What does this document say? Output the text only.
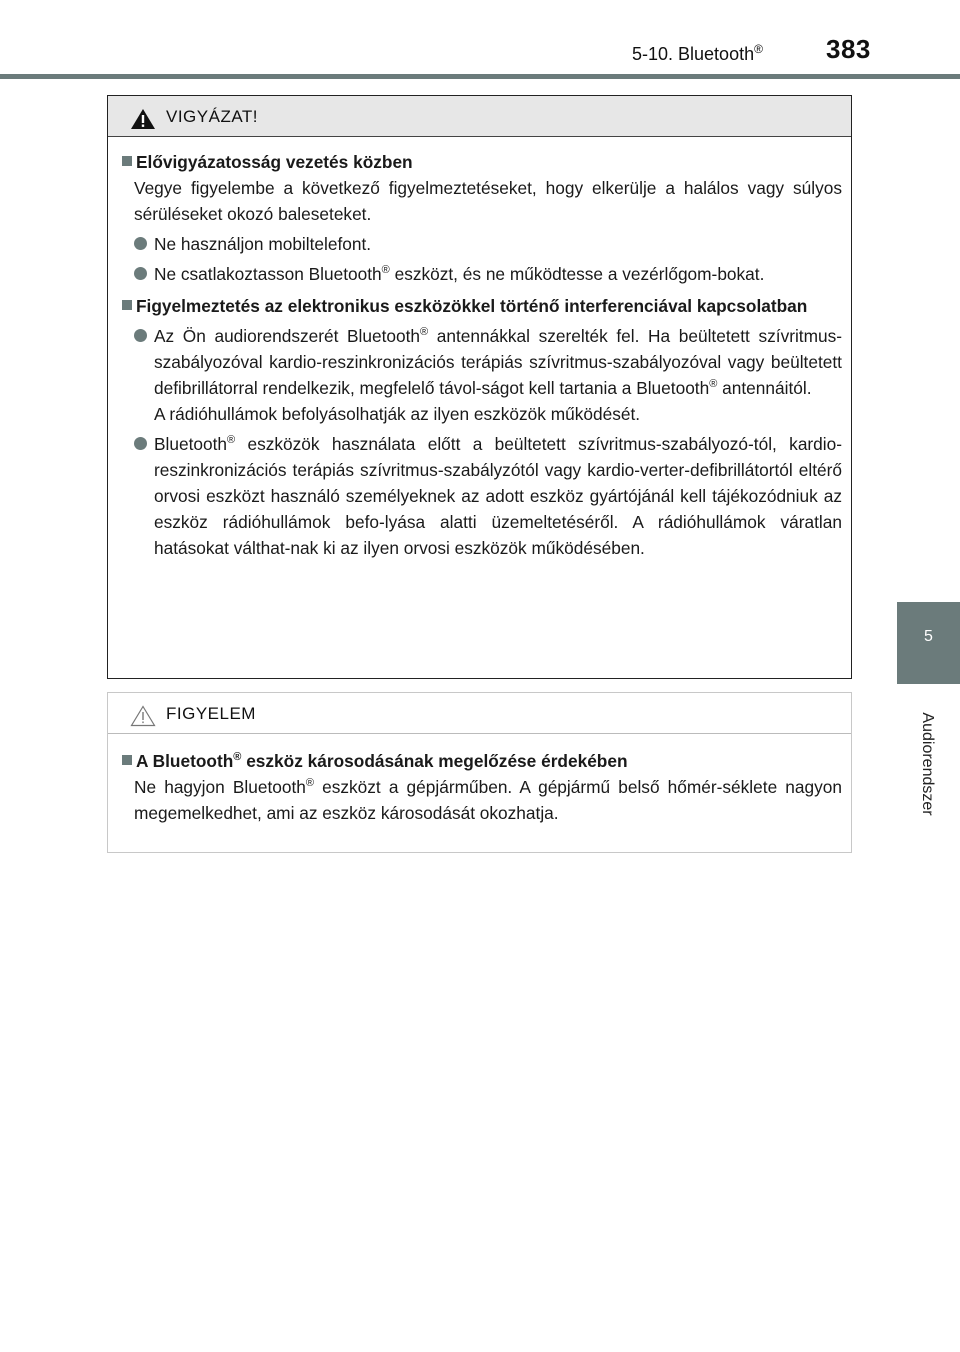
5-10. Bluetooth® 383
5
Audiorendszer
VIGYÁZAT!
Elővigyázatosság vezetés közben
Vegye figyelembe a következő figyelmeztetéseket, hogy elkerülje a halálos vagy súlyos sérüléseket okozó baleseteket.
Ne használjon mobiltelefont.
Ne csatlakoztasson Bluetooth® eszközt, és ne működtesse a vezérlőgom-bokat.
Figyelmeztetés az elektronikus eszközökkel történő interferenciával kapcsolatban
Az Ön audiorendszerét Bluetooth® antennákkal szerelték fel. Ha beültetett szívritmus-szabályozóval kardio-reszinkronizációs terápiás szívritmus-szabályozóval vagy beültetett defibrillátorral rendelkezik, megfelelő távol-ságot kell tartania a Bluetooth® antennáitól.
A rádióhullámok befolyásolhatják az ilyen eszközök működését.
Bluetooth® eszközök használata előtt a beültetett szívritmus-szabályozó-tól, kardio-reszinkronizációs terápiás szívritmus-szabályzótól vagy kardio-verter-defibrillátortól eltérő orvosi eszközt használó személyeknek az adott eszköz gyártójánál kell tájékozódniuk az eszköz rádióhullámok befo-lyása alatti üzemeltetéséről. A rádióhullámok váratlan hatásokat válthat-nak ki az ilyen orvosi eszközök működésében.
FIGYELEM
A Bluetooth® eszköz károsodásának megelőzése érdekében
Ne hagyjon Bluetooth® eszközt a gépjárműben. A gépjármű belső hőmér-séklete nagyon megemelkedhet, ami az eszköz károsodását okozhatja.
